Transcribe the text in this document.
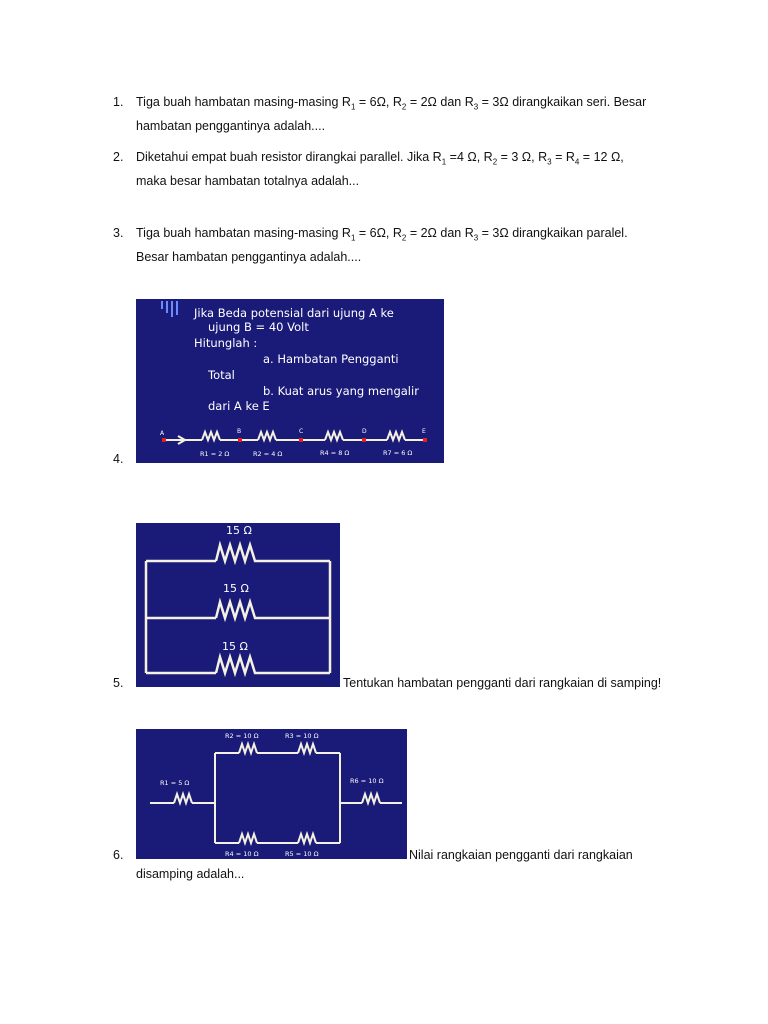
1. Tiga buah hambatan masing-masing $R_1 = 6\Omega$, $R_2 = 2\Omega$ dan $R_3 = 3\Omega$ dirangkaikan seri. Besar hambatan penggantinya adalah....
2. Diketahui empat buah resistor dirangkai parallel. Jika $R_1 =4$ Ω, $R_2 = 3$ Ω, $R_3 = R_4 = 12$ Ω, maka besar hambatan totalnya adalah...
3. Tiga buah hambatan masing-masing $R_1 = 6\Omega$, $R_2 = 2\Omega$ dan $R_3 = 3\Omega$ dirangkaikan paralel. Besar hambatan penggantinya adalah....
4.
Jika Beda potensial dari ujung A ke
ujung B = 40 Volt
Hitunglah :
a. Hambatan Pengganti
Total
b. Kuat arus yang mengalir
dari A ke E
A	B	C	D	E
R1 = 2 Ω	R2 = 4 Ω	R4 = 8 Ω	R7 = 6 Ω
5.
15 Ω
15 Ω
15 Ω
Tentukan hambatan pengganti dari rangkaian di samping!
6.
R1 = 5 Ω
R2 = 10 Ω	R3 = 10 Ω
R4 = 10 Ω	R5 = 10 Ω
R6 = 10 Ω
Nilai rangkaian pengganti dari rangkaian
disamping adalah...
